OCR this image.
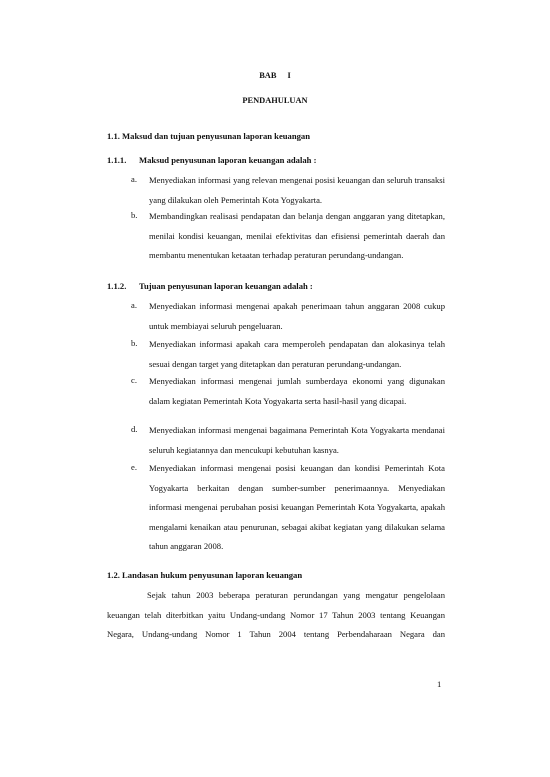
BAB I
PENDAHULUAN
1.1. Maksud dan tujuan penyusunan laporan keuangan
1.1.1. Maksud penyusunan laporan keuangan adalah :
a.	Menyediakan informasi yang relevan mengenai posisi keuangan dan seluruh transaksi yang dilakukan oleh Pemerintah Kota Yogyakarta.
b.	Membandingkan realisasi pendapatan dan belanja dengan anggaran yang ditetapkan, menilai kondisi keuangan, menilai efektivitas dan efisiensi pemerintah daerah dan membantu menentukan ketaatan terhadap peraturan perundang-undangan.
1.1.2. Tujuan penyusunan laporan keuangan adalah :
a.	Menyediakan informasi mengenai apakah penerimaan tahun anggaran 2008 cukup untuk membiayai seluruh pengeluaran.
b.	Menyediakan informasi apakah cara memperoleh pendapatan dan alokasinya telah sesuai dengan target yang ditetapkan dan peraturan perundang-undangan.
c.	Menyediakan informasi mengenai jumlah sumberdaya ekonomi yang digunakan dalam kegiatan Pemerintah Kota Yogyakarta serta hasil-hasil yang dicapai.
d.	Menyediakan informasi mengenai bagaimana Pemerintah Kota Yogyakarta mendanai seluruh kegiatannya dan mencukupi kebutuhan kasnya.
e.	Menyediakan informasi mengenai posisi keuangan dan kondisi Pemerintah Kota Yogyakarta berkaitan dengan sumber-sumber penerimaannya. Menyediakan informasi mengenai perubahan posisi keuangan Pemerintah Kota Yogyakarta, apakah mengalami kenaikan atau penurunan, sebagai akibat kegiatan yang dilakukan selama tahun anggaran 2008.
1.2. Landasan hukum penyusunan laporan keuangan
Sejak tahun 2003 beberapa peraturan perundangan yang mengatur pengelolaan keuangan telah diterbitkan yaitu Undang-undang Nomor 17 Tahun 2003 tentang Keuangan Negara, Undang-undang Nomor 1 Tahun 2004 tentang Perbendaharaan Negara dan
1
